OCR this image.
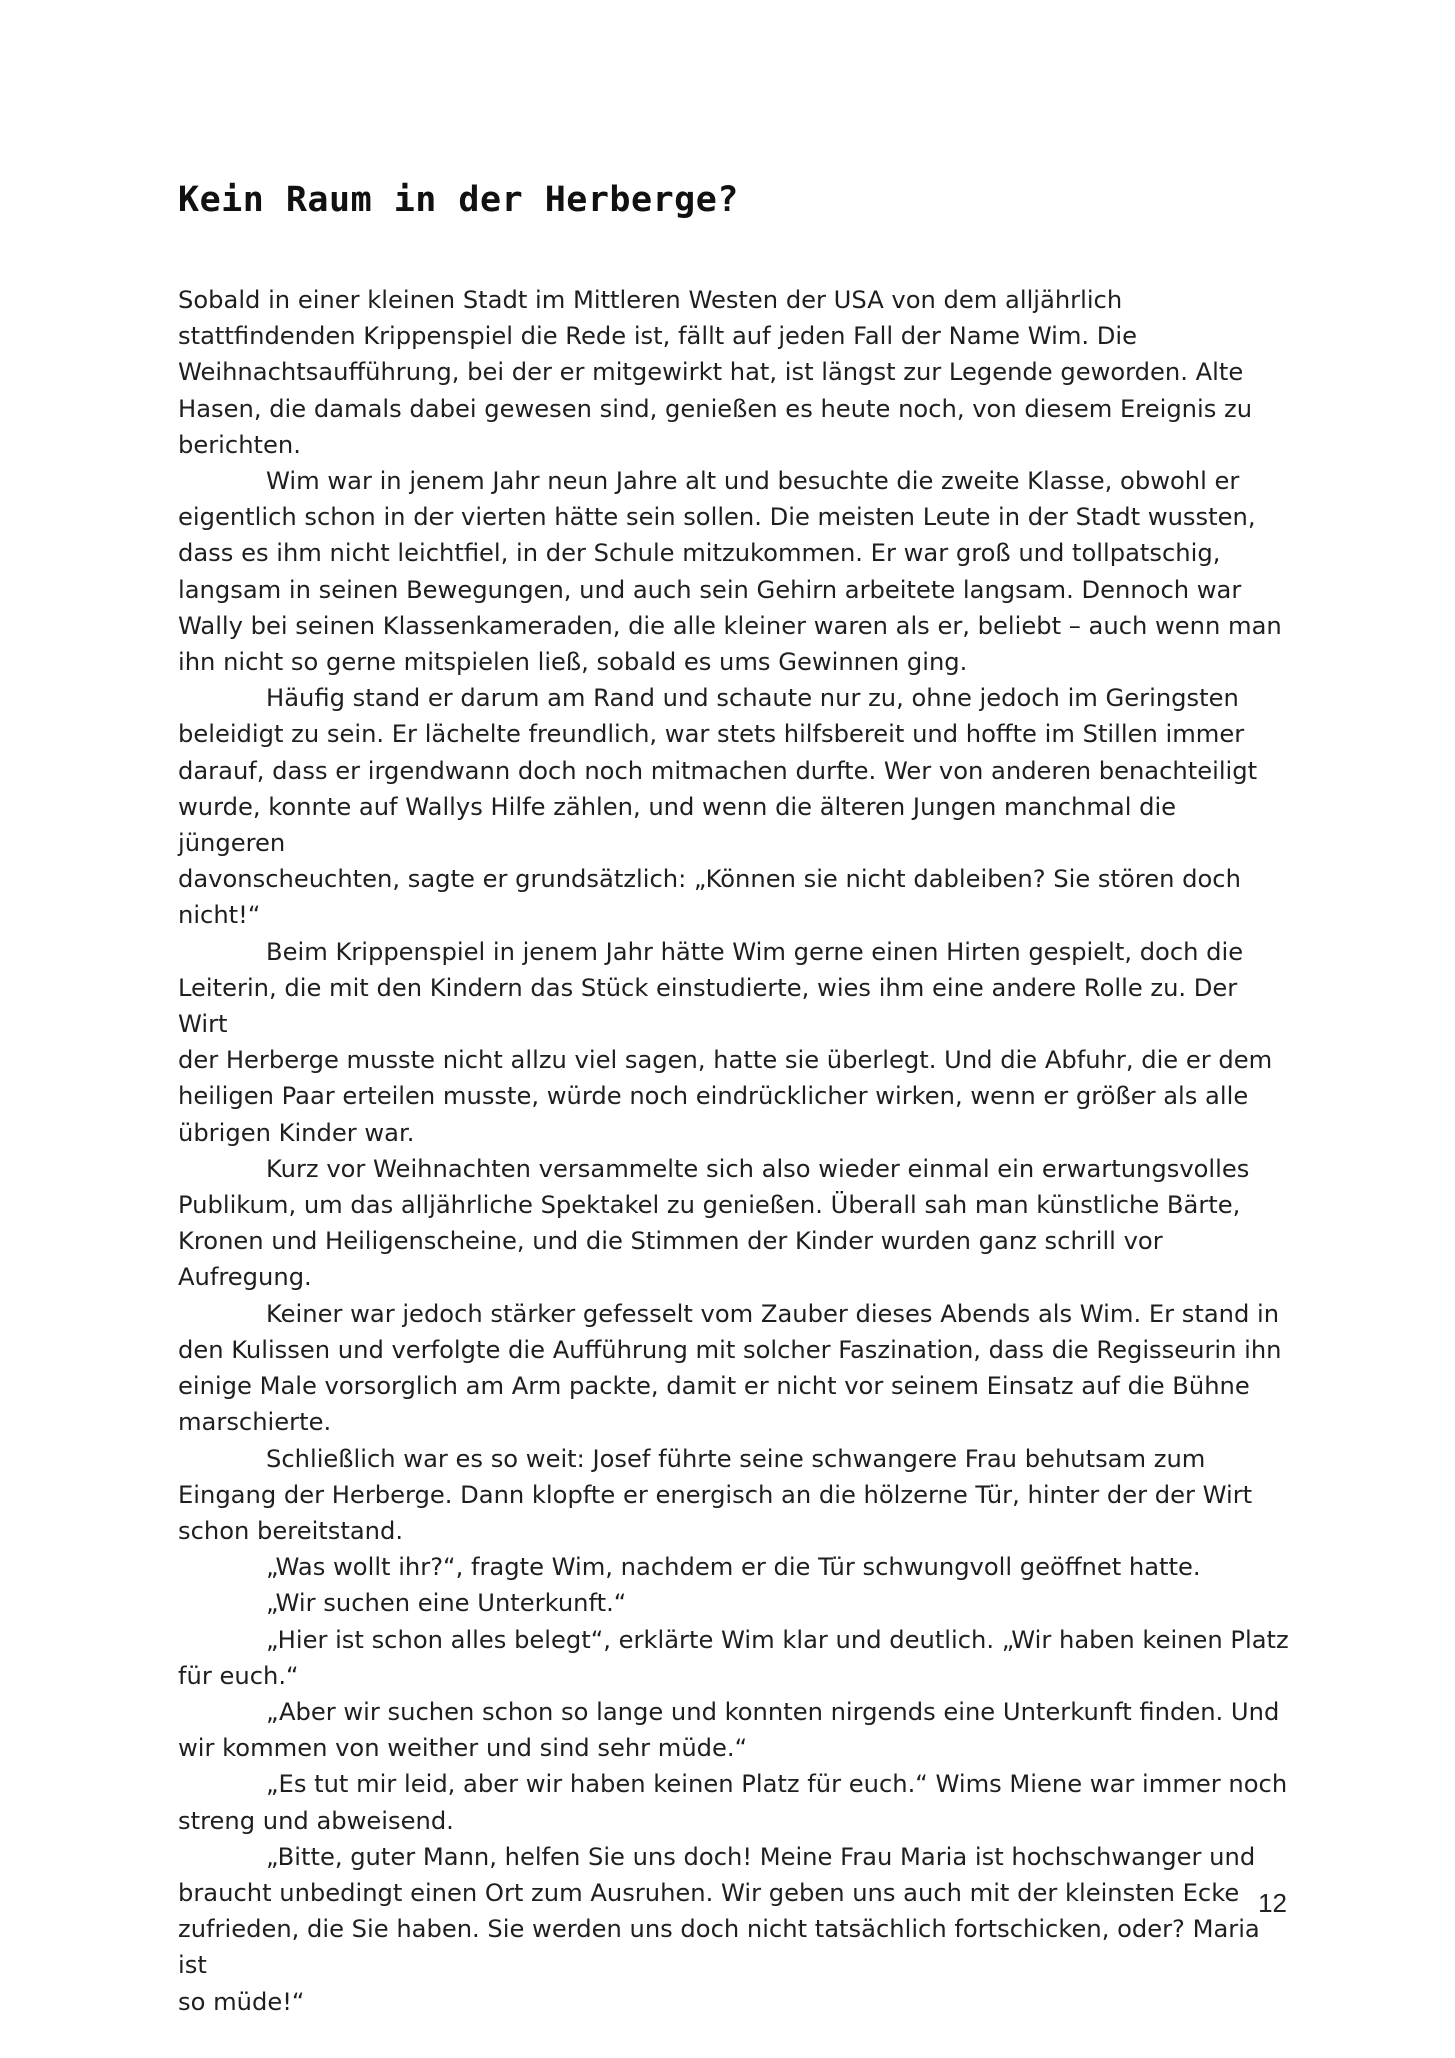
Kein Raum in der Herberge?

Sobald in einer kleinen Stadt im Mittleren Westen der USA von dem alljährlich
stattfindenden Krippenspiel die Rede ist, fällt auf jeden Fall der Name Wim. Die
Weihnachtsaufführung, bei der er mitgewirkt hat, ist längst zur Legende geworden. Alte
Hasen, die damals dabei gewesen sind, genießen es heute noch, von diesem Ereignis zu
berichten.

Wim war in jenem Jahr neun Jahre alt und besuchte die zweite Klasse, obwohl er
eigentlich schon in der vierten hätte sein sollen. Die meisten Leute in der Stadt wussten,
dass es ihm nicht leichtfiel, in der Schule mitzukommen. Er war groß und tollpatschig,
langsam in seinen Bewegungen, und auch sein Gehirn arbeitete langsam. Dennoch war
Wally bei seinen Klassenkameraden, die alle kleiner waren als er, beliebt – auch wenn man
ihn nicht so gerne mitspielen ließ, sobald es ums Gewinnen ging.

Häufig stand er darum am Rand und schaute nur zu, ohne jedoch im Geringsten
beleidigt zu sein. Er lächelte freundlich, war stets hilfsbereit und hoffte im Stillen immer
darauf, dass er irgendwann doch noch mitmachen durfte. Wer von anderen benachteiligt
wurde, konnte auf Wallys Hilfe zählen, und wenn die älteren Jungen manchmal die jüngeren
davonscheuchten, sagte er grundsätzlich: „Können sie nicht dableiben? Sie stören doch
nicht!“

Beim Krippenspiel in jenem Jahr hätte Wim gerne einen Hirten gespielt, doch die
Leiterin, die mit den Kindern das Stück einstudierte, wies ihm eine andere Rolle zu. Der Wirt
der Herberge musste nicht allzu viel sagen, hatte sie überlegt. Und die Abfuhr, die er dem
heiligen Paar erteilen musste, würde noch eindrücklicher wirken, wenn er größer als alle
übrigen Kinder war.

Kurz vor Weihnachten versammelte sich also wieder einmal ein erwartungsvolles
Publikum, um das alljährliche Spektakel zu genießen. Überall sah man künstliche Bärte,
Kronen und Heiligenscheine, und die Stimmen der Kinder wurden ganz schrill vor Aufregung.

Keiner war jedoch stärker gefesselt vom Zauber dieses Abends als Wim. Er stand in
den Kulissen und verfolgte die Aufführung mit solcher Faszination, dass die Regisseurin ihn
einige Male vorsorglich am Arm packte, damit er nicht vor seinem Einsatz auf die Bühne
marschierte.

Schließlich war es so weit: Josef führte seine schwangere Frau behutsam zum
Eingang der Herberge. Dann klopfte er energisch an die hölzerne Tür, hinter der der Wirt
schon bereitstand.

„Was wollt ihr?“, fragte Wim, nachdem er die Tür schwungvoll geöffnet hatte.

„Wir suchen eine Unterkunft.“

„Hier ist schon alles belegt“, erklärte Wim klar und deutlich. „Wir haben keinen Platz
für euch.“

„Aber wir suchen schon so lange und konnten nirgends eine Unterkunft finden. Und
wir kommen von weither und sind sehr müde.“

„Es tut mir leid, aber wir haben keinen Platz für euch.“ Wims Miene war immer noch
streng und abweisend.

„Bitte, guter Mann, helfen Sie uns doch! Meine Frau Maria ist hochschwanger und
braucht unbedingt einen Ort zum Ausruhen. Wir geben uns auch mit der kleinsten Ecke
zufrieden, die Sie haben. Sie werden uns doch nicht tatsächlich fortschicken, oder? Maria ist
so müde!“

12
